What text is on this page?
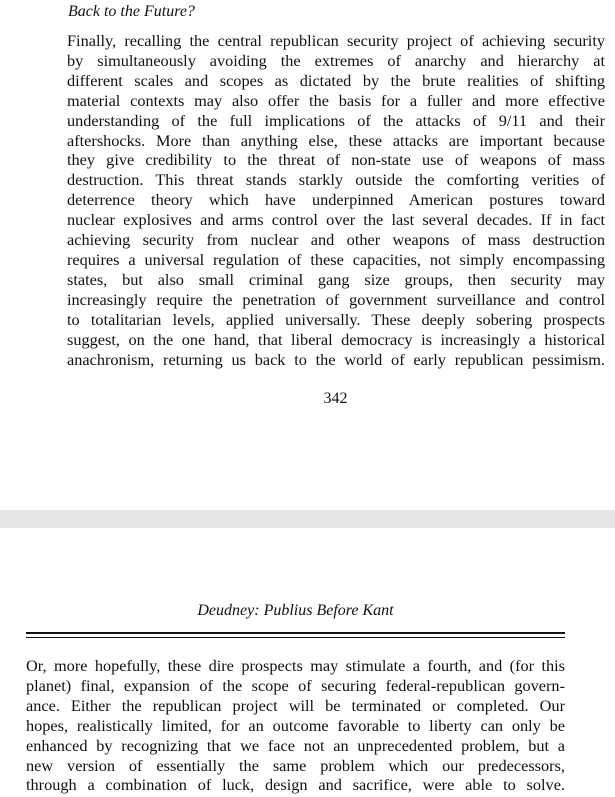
Back to the Future?

Finally, recalling the central republican security project of achieving security
by simultaneously avoiding the extremes of anarchy and hierarchy at
different scales and scopes as dictated by the brute realities of shifting
material contexts may also offer the basis for a fuller and more effective
understanding of the full implications of the attacks of 9/11 and their
aftershocks. More than anything else, these attacks are important because
they give credibility to the threat of non-state use of weapons of mass
destruction. This threat stands starkly outside the comforting verities of
deterrence theory which have underpinned American postures toward
nuclear explosives and arms control over the last several decades. If in fact
achieving security from nuclear and other weapons of mass destruction
requires a universal regulation of these capacities, not simply encompassing
states, but also small criminal gang size groups, then security may
increasingly require the penetration of government surveillance and control
to totalitarian levels, applied universally. These deeply sobering prospects
suggest, on the one hand, that liberal democracy is increasingly a historical
anachronism, returning us back to the world of early republican pessimism.

342

Deudney: Publius Before Kant

Or, more hopefully, these dire prospects may stimulate a fourth, and (for this
planet) final, expansion of the scope of securing federal-republican govern-
ance. Either the republican project will be terminated or completed. Our
hopes, realistically limited, for an outcome favorable to liberty can only be
enhanced by recognizing that we face not an unprecedented problem, but a
new version of essentially the same problem which our predecessors,
through a combination of luck, design and sacrifice, were able to solve.
